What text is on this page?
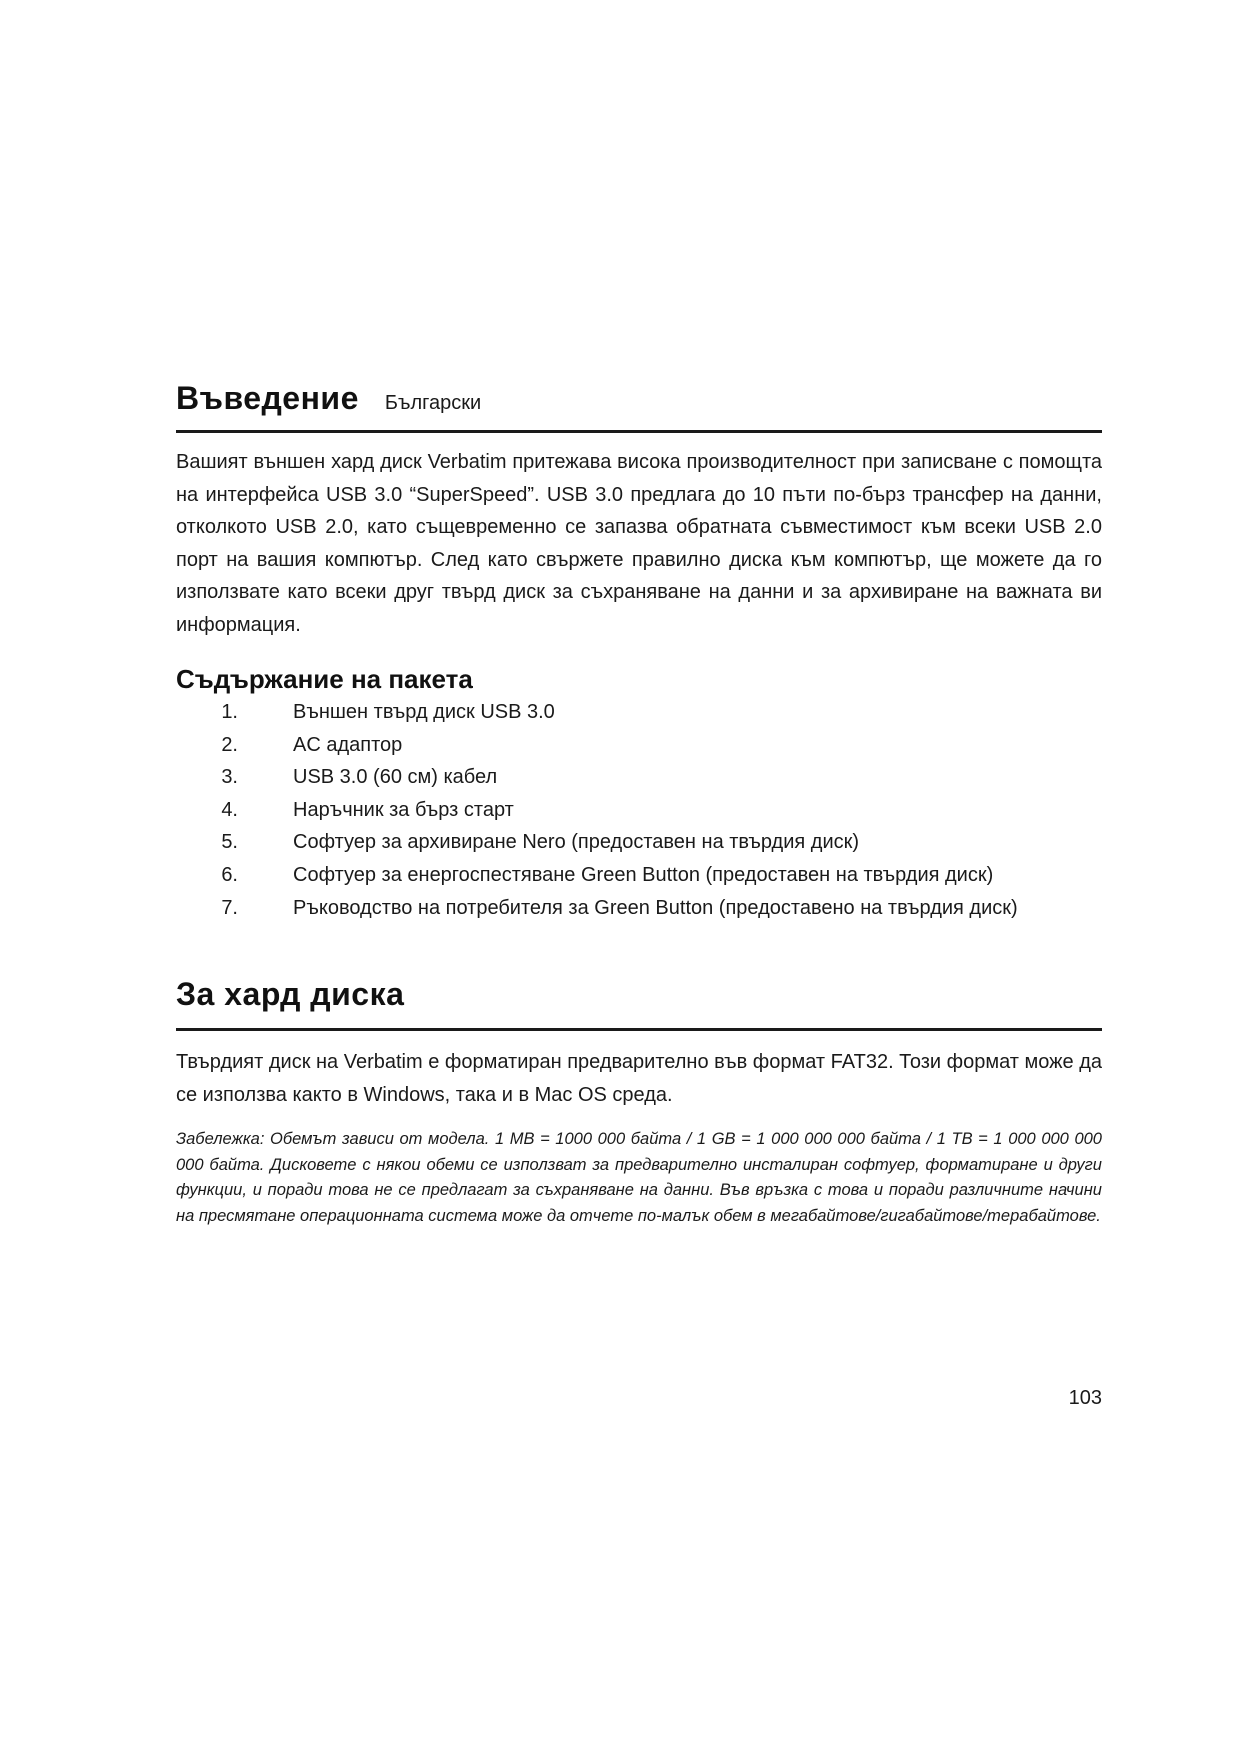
Въведение Български

Вашият външен хард диск Verbatim притежава висока производителност при записване с помощта на интерфейса USB 3.0 “SuperSpeed”. USB 3.0 предлага до 10 пъти по-бърз трансфер на данни, отколкото USB 2.0, като същевременно се запазва обратната съвместимост към всеки USB 2.0 порт на вашия компютър. След като свържете правилно диска към компютър, ще можете да го използвате като всеки друг твърд диск за съхраняване на данни и за архивиране на важната ви информация.

Съдържание на пакета
1.	Външен твърд диск USB 3.0
2.	AC адаптор
3.	USB 3.0 (60 см) кабел
4.	Наръчник за бърз старт
5.	Софтуер за архивиране Nero (предоставен на твърдия диск)
6.	Софтуер за енергоспестяване Green Button (предоставен на твърдия диск)
7.	Ръководство на потребителя за Green Button (предоставено на твърдия диск)
За хард диска

Твърдият диск на Verbatim е форматиран предварително във формат FAT32. Този формат може да се използва както в Windows, така и в Mac OS среда.

Забележка: Обемът зависи от модела. 1 MB = 1000 000 байта / 1 GB = 1 000 000 000 байта / 1 TB = 1 000 000 000 000 байта. Дисковете с някои обеми се използват за предварително инсталиран софтуер, форматиране и други функции, и поради това не се предлагат за съхраняване на данни. Във връзка с това и поради различните начини на пресмятане операционната система може да отчете по-малък обем в мегабайтове/гигабайтове/терабайтове.

103
